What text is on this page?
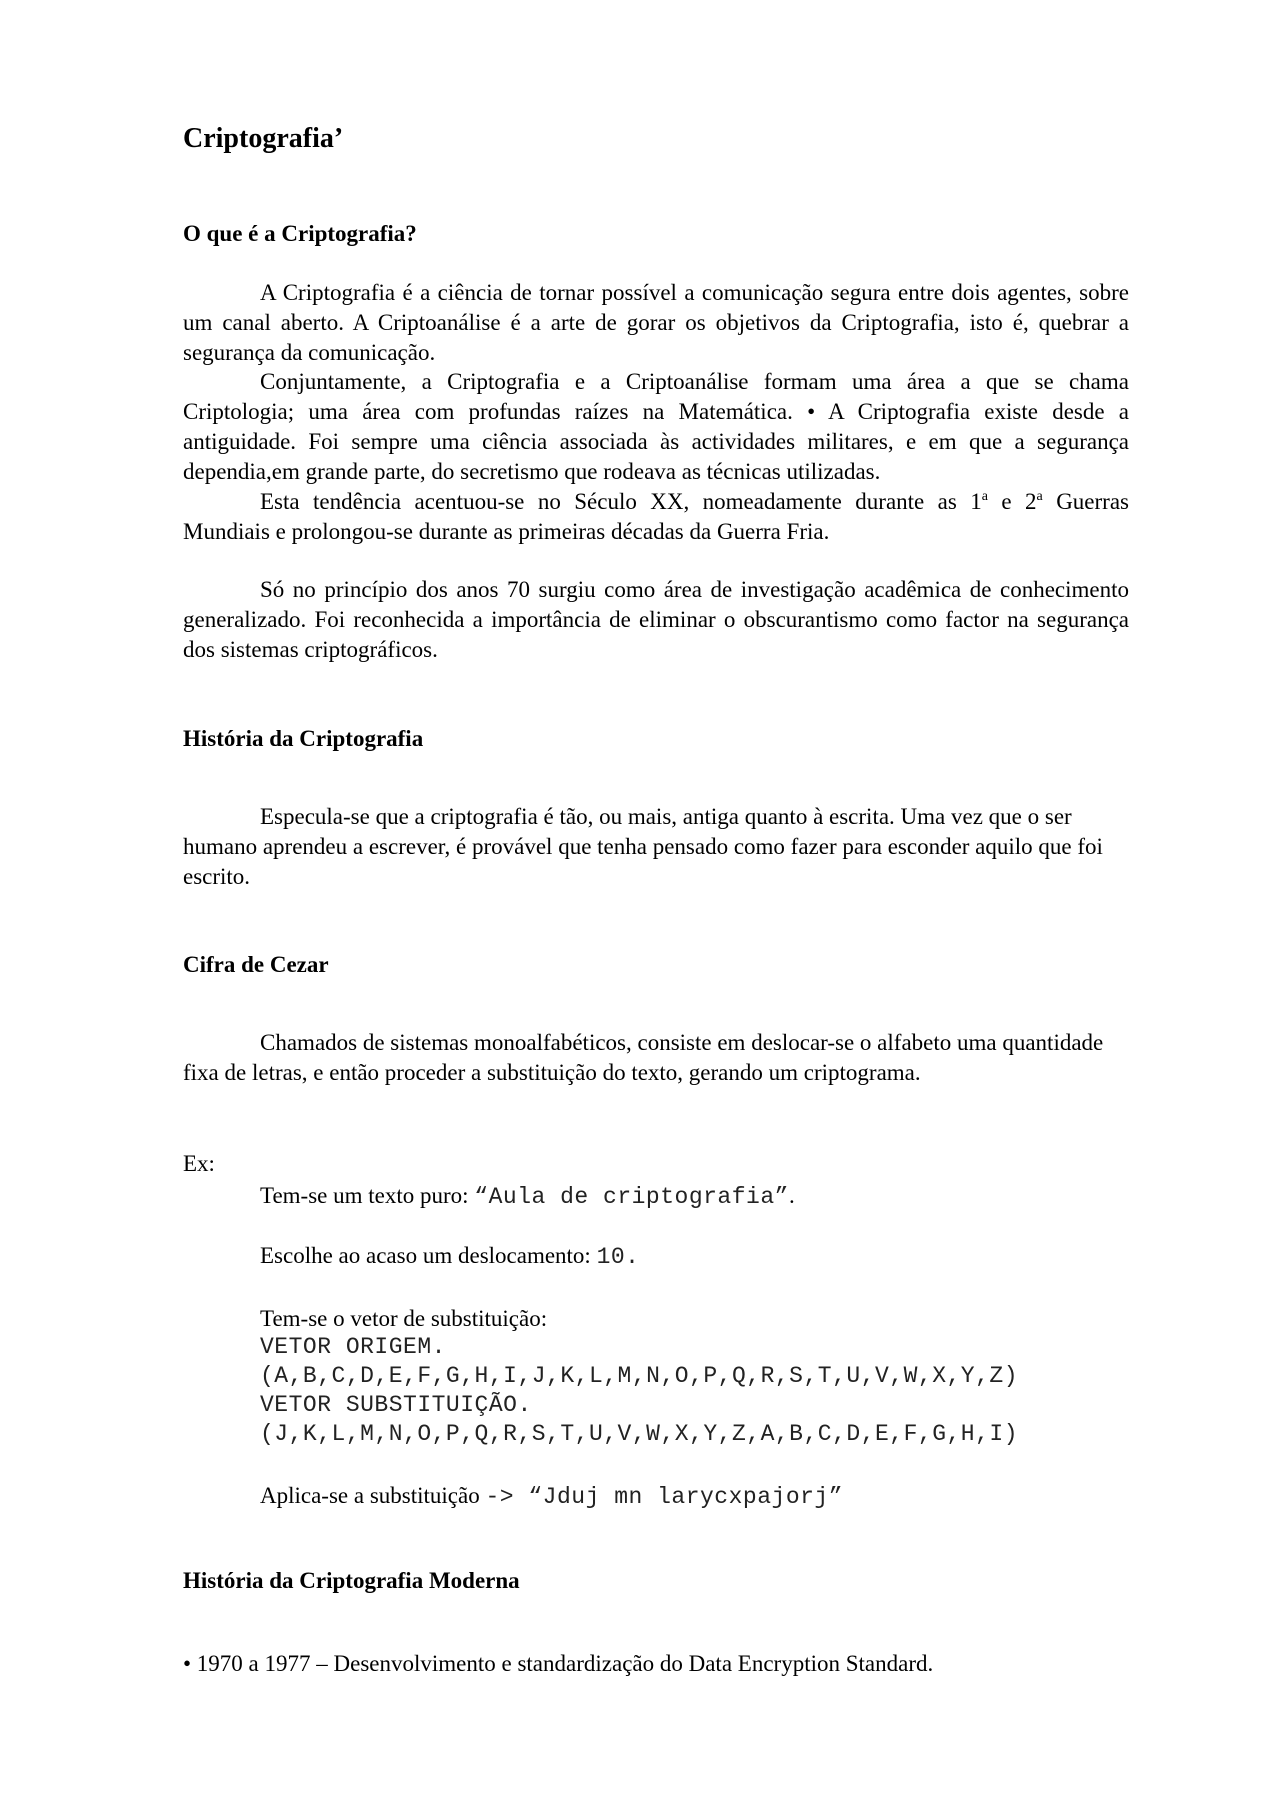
Criptografia’
O que é a Criptografia?
A Criptografia é a ciência de tornar possível a comunicação segura entre dois agentes, sobre um canal aberto. A Criptoanálise é a arte de gorar os objetivos da Criptografia, isto é, quebrar a segurança da comunicação.
Conjuntamente, a Criptografia e a Criptoanálise formam uma área a que se chama Criptologia; uma área com profundas raízes na Matemática. • A Criptografia existe desde a antiguidade. Foi sempre uma ciência associada às actividades militares, e em que a segurança dependia,em grande parte, do secretismo que rodeava as técnicas utilizadas.
Esta tendência acentuou-se no Século XX, nomeadamente durante as 1$^a$ e 2$^a$ Guerras Mundiais e prolongou-se durante as primeiras décadas da Guerra Fria.
Só no princípio dos anos 70 surgiu como área de investigação acadêmica de conhecimento generalizado. Foi reconhecida a importância de eliminar o obscurantismo como factor na segurança dos sistemas criptográficos.
História da Criptografia
Especula-se que a criptografia é tão, ou mais, antiga quanto à escrita. Uma vez que o ser humano aprendeu a escrever, é provável que tenha pensado como fazer para esconder aquilo que foi escrito.
Cifra de Cezar
Chamados de sistemas monoalfabéticos, consiste em deslocar-se o alfabeto uma quantidade fixa de letras, e então proceder a substituição do texto, gerando um criptograma.
Ex:
Tem-se um texto puro: “Aula de criptografia”.
Escolhe ao acaso um deslocamento: 10.
Tem-se o vetor de substituição:
VETOR ORIGEM.
(A,B,C,D,E,F,G,H,I,J,K,L,M,N,O,P,Q,R,S,T,U,V,W,X,Y,Z)
VETOR SUBSTITUIÇÃO.
(J,K,L,M,N,O,P,Q,R,S,T,U,V,W,X,Y,Z,A,B,C,D,E,F,G,H,I)
Aplica-se a substituição -> “Jduj mn larycxpajorj”
História da Criptografia Moderna
• 1970 a 1977 – Desenvolvimento e standardização do Data Encryption Standard.
